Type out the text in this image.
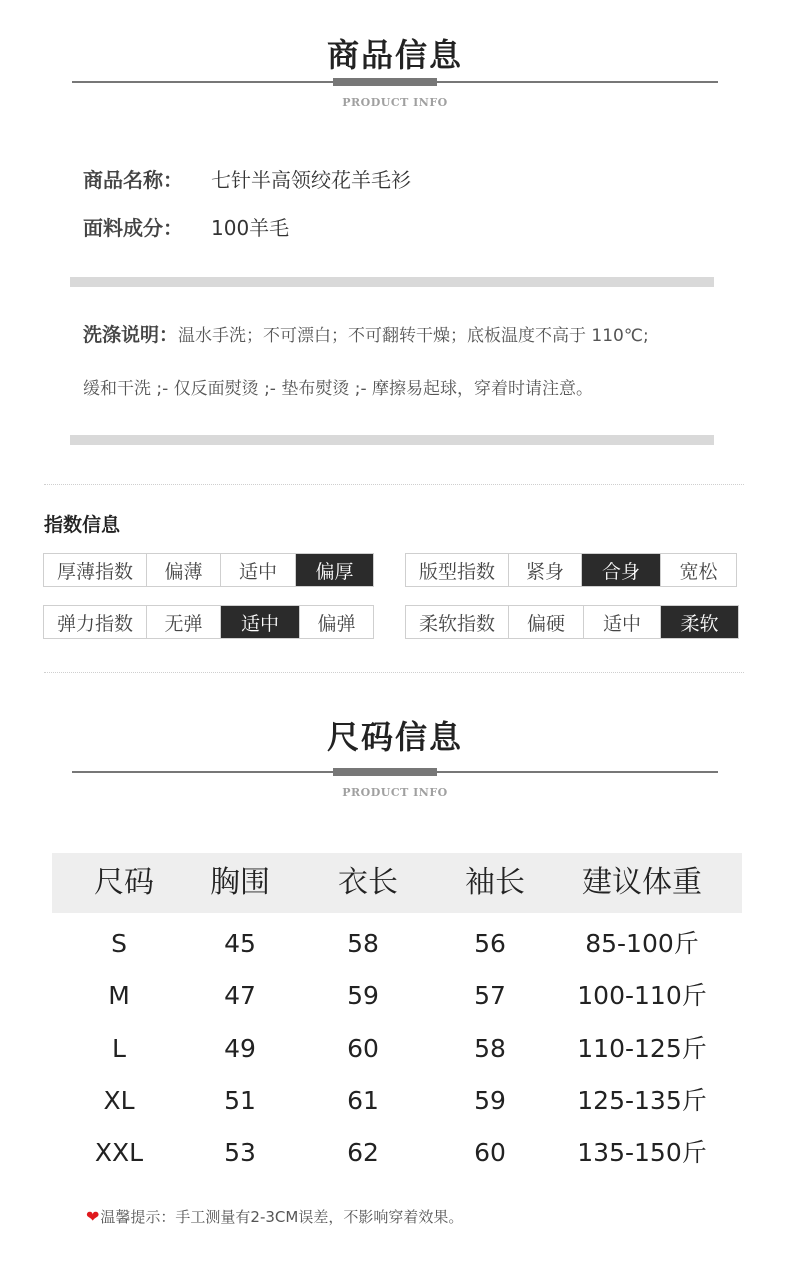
商品信息
PRODUCT INFO
商品名称： 七针半高领绞花羊毛衫
面料成分： 100羊毛
洗涤说明：温水手洗；不可漂白；不可翻转干燥；底板温度不高于 110℃;
缓和干洗 ;- 仅反面熨烫 ;- 垫布熨烫 ;- 摩擦易起球，穿着时请注意。
指数信息
厚薄指数	偏薄	适中	偏厚	版型指数	紧身	合身	宽松
弹力指数	无弹	适中	偏弹	柔软指数	偏硬	适中	柔软
尺码信息
PRODUCT INFO
尺码	胸围	衣长	袖长	建议体重
S	45	58	56	85-100斤
M	47	59	57	100-110斤
L	49	60	58	110-125斤
XL	51	61	59	125-135斤
XXL	53	62	60	135-150斤
❤温馨提示：手工测量有2-3CM误差，不影响穿着效果。
